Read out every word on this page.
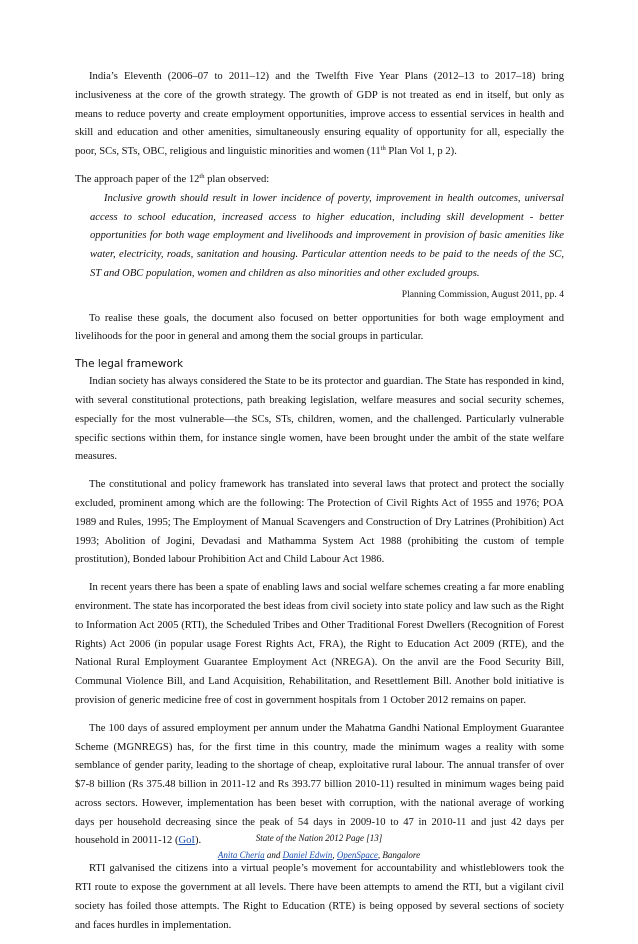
India’s Eleventh (2006–07 to 2011–12) and the Twelfth Five Year Plans (2012–13 to 2017–18) bring inclusiveness at the core of the growth strategy. The growth of GDP is not treated as end in itself, but only as means to reduce poverty and create employment opportunities, improve access to essential services in health and skill and education and other amenities, simultaneously ensuring equality of opportunity for all, especially the poor, SCs, STs, OBC, religious and linguistic minorities and women (11th Plan Vol 1, p 2).

The approach paper of the 12th plan observed:

Inclusive growth should result in lower incidence of poverty, improvement in health outcomes, universal access to school education, increased access to higher education, including skill development - better opportunities for both wage employment and livelihoods and improvement in provision of basic amenities like water, electricity, roads, sanitation and housing. Particular attention needs to be paid to the needs of the SC, ST and OBC population, women and children as also minorities and other excluded groups.

Planning Commission, August 2011, pp. 4

To realise these goals, the document also focused on better opportunities for both wage employment and livelihoods for the poor in general and among them the social groups in particular.

The legal framework

Indian society has always considered the State to be its protector and guardian. The State has responded in kind, with several constitutional protections, path breaking legislation, welfare measures and social security schemes, especially for the most vulnerable—the SCs, STs, children, women, and the challenged. Particularly vulnerable specific sections within them, for instance single women, have been brought under the ambit of the state welfare measures.

The constitutional and policy framework has translated into several laws that protect and protect the socially excluded, prominent among which are the following: The Protection of Civil Rights Act of 1955 and 1976; POA 1989 and Rules, 1995; The Employment of Manual Scavengers and Construction of Dry Latrines (Prohibition) Act 1993; Abolition of Jogini, Devadasi and Mathamma System Act 1988 (prohibiting the custom of temple prostitution), Bonded labour Prohibition Act and Child Labour Act 1986.

In recent years there has been a spate of enabling laws and social welfare schemes creating a far more enabling environment. The state has incorporated the best ideas from civil society into state policy and law such as the Right to Information Act 2005 (RTI), the Scheduled Tribes and Other Traditional Forest Dwellers (Recognition of Forest Rights) Act 2006 (in popular usage Forest Rights Act, FRA), the Right to Education Act 2009 (RTE), and the National Rural Employment Guarantee Employment Act (NREGA). On the anvil are the Food Security Bill, Communal Violence Bill, and Land Acquisition, Rehabilitation, and Resettlement Bill. Another bold initiative is provision of generic medicine free of cost in government hospitals from 1 October 2012 remains on paper.

The 100 days of assured employment per annum under the Mahatma Gandhi National Employment Guarantee Scheme (MGNREGS) has, for the first time in this country, made the minimum wages a reality with some semblance of gender parity, leading to the shortage of cheap, exploitative rural labour. The annual transfer of over $7-8 billion (Rs 375.48 billion in 2011-12 and Rs 393.77 billion 2010-11) resulted in minimum wages being paid across sectors. However, implementation has been beset with corruption, with the national average of working days per household decreasing since the peak of 54 days in 2009-10 to 47 in 2010-11 and just 42 days per household in 20011-12 (GoI).

RTI galvanised the citizens into a virtual people’s movement for accountability and whistleblowers took the RTI route to expose the government at all levels. There have been attempts to amend the RTI, but a vigilant civil society has foiled those attempts. The Right to Education (RTE) is being opposed by several sections of society and faces hurdles in implementation.

State of the Nation 2012 Page [13]
Anita Cheria and Daniel Edwin, OpenSpace, Bangalore
